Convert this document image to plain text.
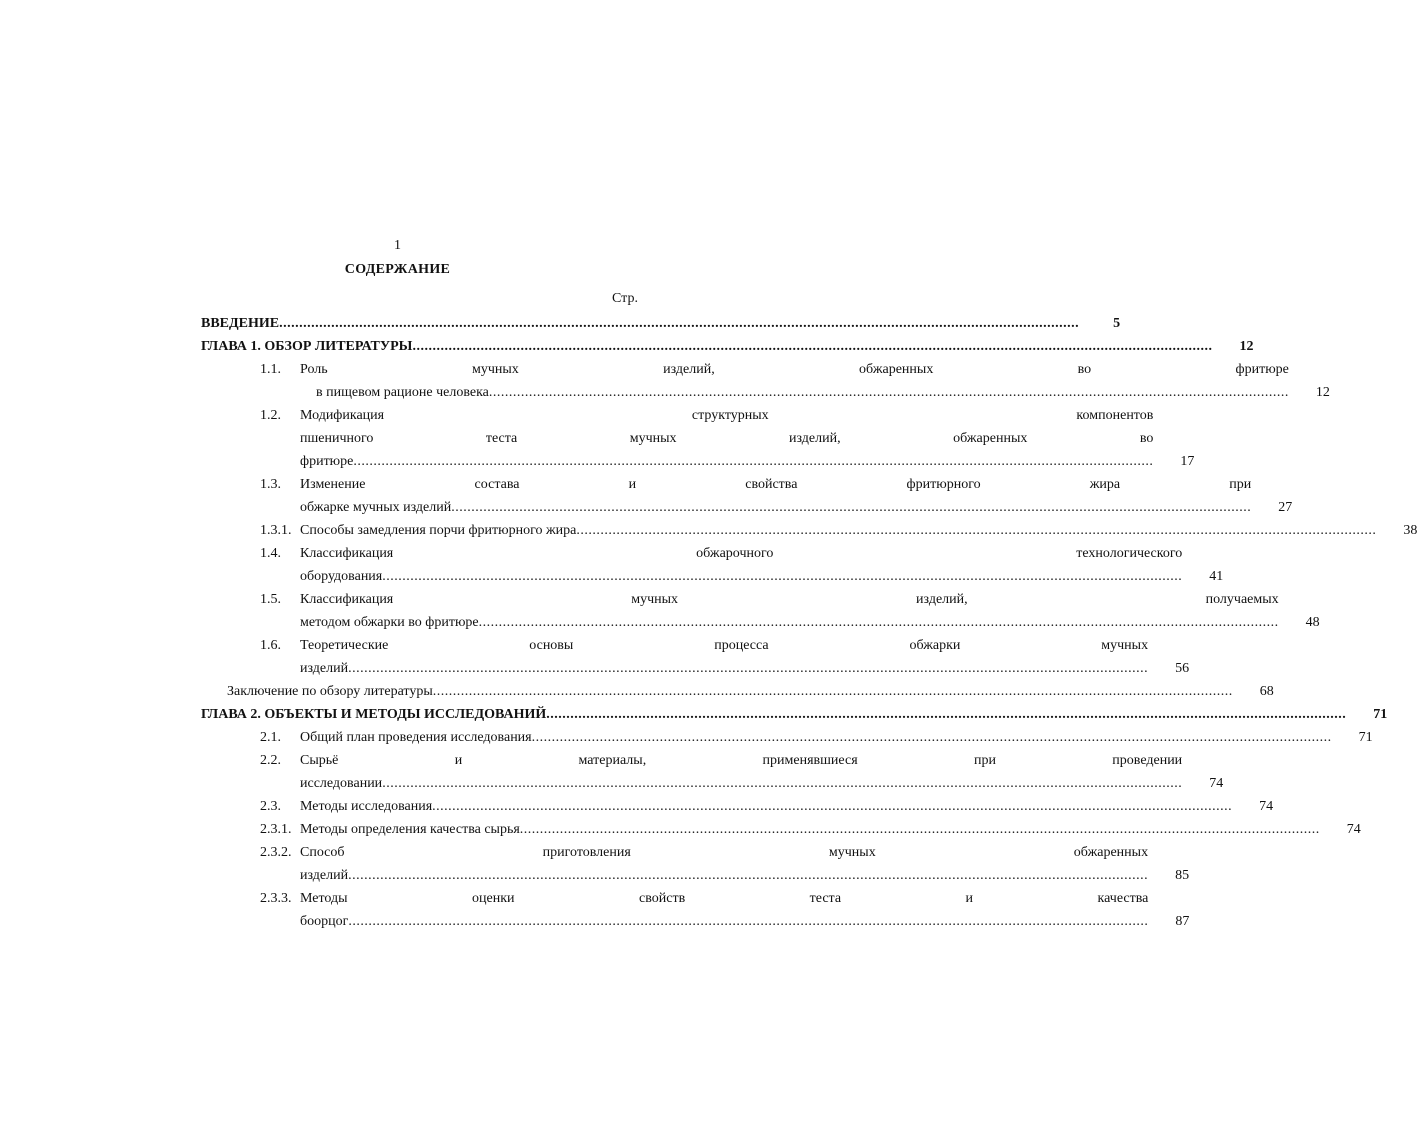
1
СОДЕРЖАНИЕ
Стр.
ВВЕДЕНИЕ .....	5
ГЛАВА 1. ОБЗОР ЛИТЕРАТУРЫ .....	12
1.1.	Роль мучных изделий, обжаренных во фритюре
в пищевом рационе человека .....	12
1.2.	Модификация структурных компонентов
пшеничного теста мучных изделий, обжаренных во
фритюре .....	17
1.3.	Изменение состава и свойства фритюрного жира при
обжарке мучных изделий .....	27
1.3.1. Способы замедления порчи фритюрного жира .....	38
1.4.	Классификация обжарочного технологического
оборудования .....	41
1.5.	Классификация мучных изделий, получаемых
методом обжарки во фритюре .....	48
1.6.	Теоретические основы процесса обжарки мучных
изделий .....	56
Заключение по обзору литературы .....	68
ГЛАВА 2. ОБЪЕКТЫ И МЕТОДЫ ИССЛЕДОВАНИЙ .....	71
2.1.	Общий план проведения исследования .....	71
2.2.	Сырьё и материалы, применявшиеся при проведении
исследовании .....	74
2.3.	Методы исследования .....	74
2.3.1. Методы определения качества сырья .....	74
2.3.2. Способ приготовления мучных обжаренных
изделий .....	85
2.3.3. Методы оценки свойств теста и качества
боорцог .....	87
